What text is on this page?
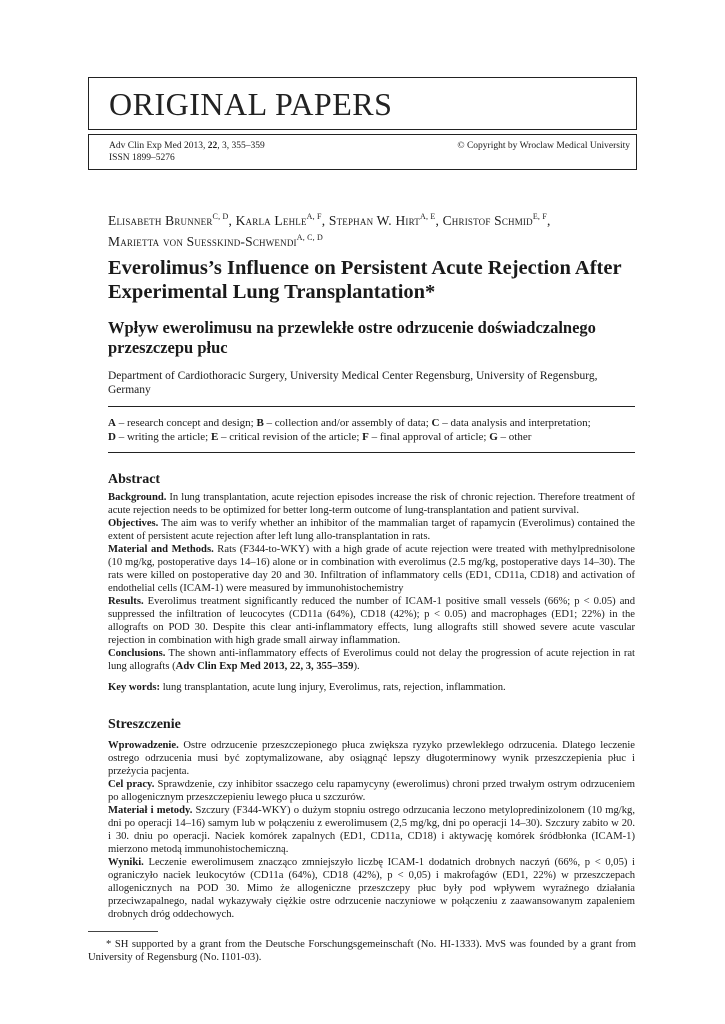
ORIGINAL PAPERS
Adv Clin Exp Med 2013, 22, 3, 355–359
ISSN 1899–5276
© Copyright by Wroclaw Medical University
Elisabeth Brunner$^{C, D}$, Karla Lehle$^{A, F}$, Stephan W. Hirt$^{A, E}$, Christof Schmid$^{E, F}$,
Marietta von Suesskind-Schwendi$^{A, C, D}$
Everolimus’s Influence on Persistent Acute Rejection After Experimental Lung Transplantation*
Wpływ ewerolimusu na przewlekłe ostre odrzucenie doświadczalnego przeszczepu płuc
Department of Cardiothoracic Surgery, University Medical Center Regensburg, University of Regensburg, Germany
A – research concept and design; B – collection and/or assembly of data; C – data analysis and interpretation;
D – writing the article; E – critical revision of the article; F – final approval of article; G – other
Abstract

Background. In lung transplantation, acute rejection episodes increase the risk of chronic rejection. Therefore treatment of acute rejection needs to be optimized for better long-term outcome of lung-transplantation and patient survival.

Objectives. The aim was to verify whether an inhibitor of the mammalian target of rapamycin (Everolimus) contained the extent of persistent acute rejection after left lung allo-transplantation in rats.

Material and Methods. Rats (F344-to-WKY) with a high grade of acute rejection were treated with methylprednisolone (10 mg/kg, postoperative days 14–16) alone or in combination with everolimus (2.5 mg/kg, postoperative days 14–30). The rats were killed on postoperative day 20 and 30. Infiltration of inflammatory cells (ED1, CD11a, CD18) and activation of endothelial cells (ICAM-1) were measured by immunohistochemistry

Results. Everolimus treatment significantly reduced the number of ICAM-1 positive small vessels (66%; p < 0.05) and suppressed the infiltration of leucocytes (CD11a (64%), CD18 (42%); p < 0.05) and macrophages (ED1; 22%) in the allografts on POD 30. Despite this clear anti-inflammatory effects, lung allografts still showed severe acute vascular rejection in combination with high grade small airway inflammation.

Conclusions. The shown anti-inflammatory effects of Everolimus could not delay the progression of acute rejection in rat lung allografts (Adv Clin Exp Med 2013, 22, 3, 355–359).

Key words: lung transplantation, acute lung injury, Everolimus, rats, rejection, inflammation.

Streszczenie

Wprowadzenie. Ostre odrzucenie przeszczepionego płuca zwiększa ryzyko przewlekłego odrzucenia. Dlatego leczenie ostrego odrzucenia musi być zoptymalizowane, aby osiągnąć lepszy długoterminowy wynik przeszczepienia płuc i przeżycia pacjenta.

Cel pracy. Sprawdzenie, czy inhibitor ssaczego celu rapamycyny (ewerolimus) chroni przed trwałym ostrym odrzuceniem po allogenicznym przeszczepieniu lewego płuca u szczurów.

Materiał i metody. Szczury (F344-WKY) o dużym stopniu ostrego odrzucania leczono metylopredinizolonem (10 mg/kg, dni po operacji 14–16) samym lub w połączeniu z ewerolimusem (2,5 mg/kg, dni po operacji 14–30). Szczury zabito w 20. i 30. dniu po operacji. Naciek komórek zapalnych (ED1, CD11a, CD18) i aktywację komórek śródbłonka (ICAM-1) mierzono metodą immunohistochemiczną.

Wyniki. Leczenie ewerolimusem znacząco zmniejszyło liczbę ICAM-1 dodatnich drobnych naczyń (66%, p < 0,05) i ograniczyło naciek leukocytów (CD11a (64%), CD18 (42%), p < 0,05) i makrofagów (ED1, 22%) w przeszczepach allogenicznych na POD 30. Mimo że allogeniczne przeszczepy płuc były pod wpływem wyraźnego działania przeciwzapalnego, nadal wykazywały ciężkie ostre odrzucenie naczyniowe w połączeniu z zaawansowanym zapaleniem drobnych dróg oddechowych.

* SH supported by a grant from the Deutsche Forschungsgemeinschaft (No. HI-1333). MvS was founded by a grant from University of Regensburg (No. I101-03).
